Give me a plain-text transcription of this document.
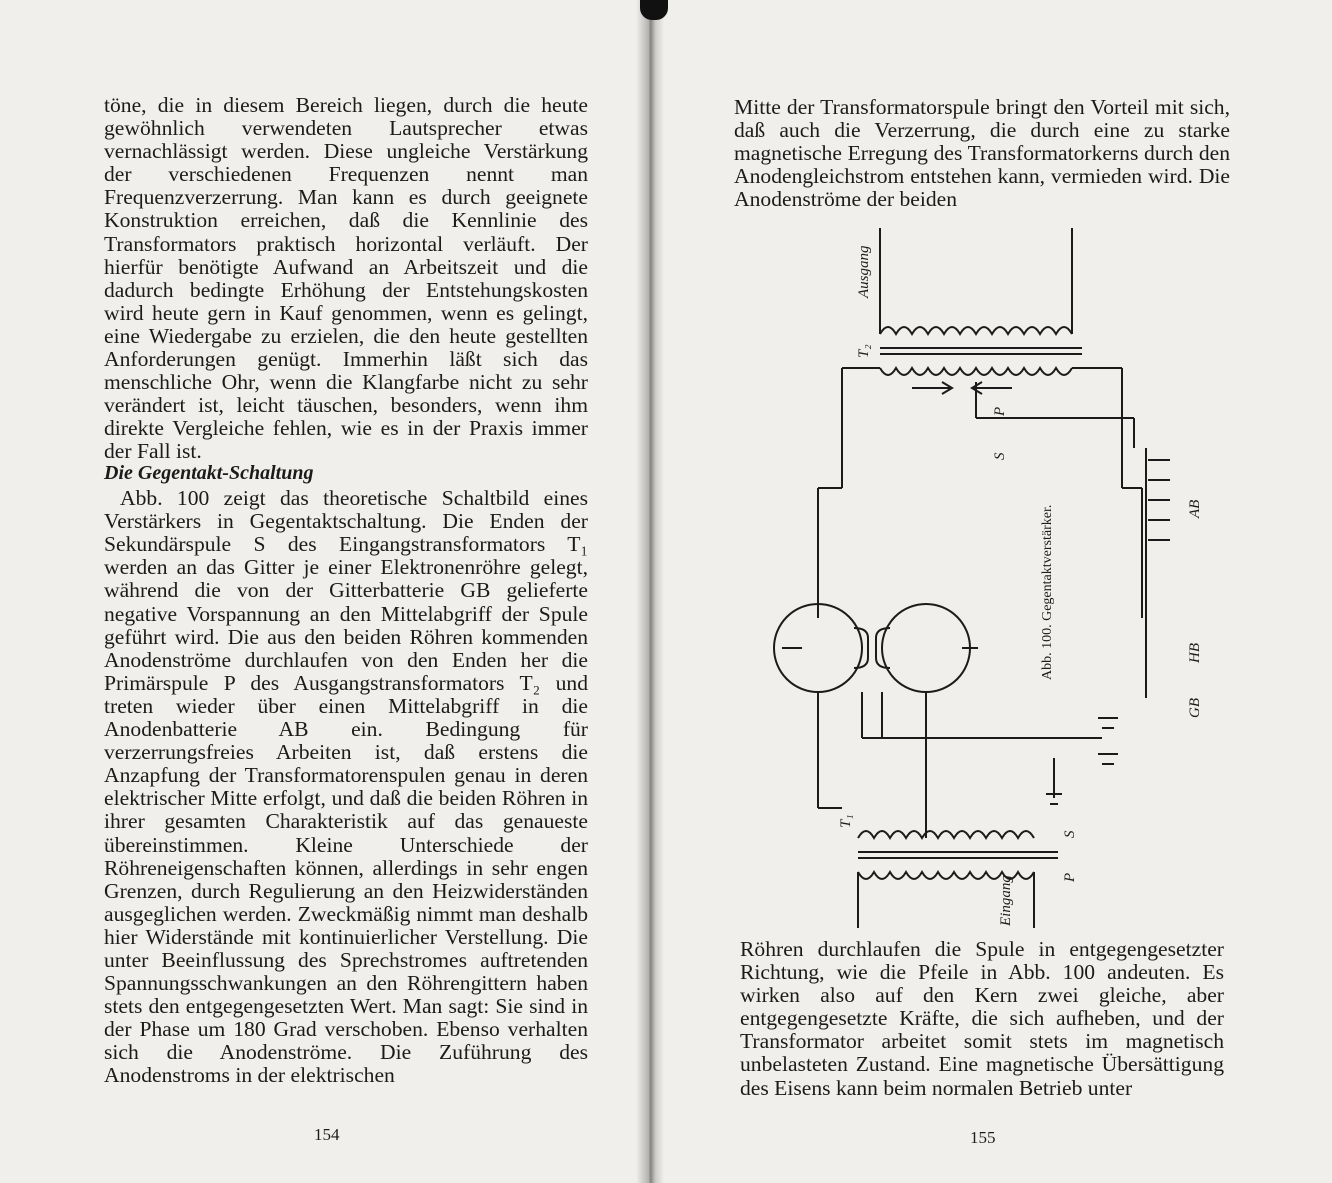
töne, die in diesem Bereich liegen, durch die heute gewöhnlich verwendeten Lautsprecher etwas vernachlässigt werden. Diese ungleiche Verstärkung der verschiedenen Frequenzen nennt man Frequenzverzerrung. Man kann es durch geeignete Konstruktion erreichen, daß die Kennlinie des Transformators praktisch horizontal verläuft. Der hierfür benötigte Aufwand an Arbeitszeit und die dadurch bedingte Erhöhung der Entstehungskosten wird heute gern in Kauf genommen, wenn es gelingt, eine Wiedergabe zu erzielen, die den heute gestellten Anforderungen genügt. Immerhin läßt sich das menschliche Ohr, wenn die Klangfarbe nicht zu sehr verändert ist, leicht täuschen, besonders, wenn ihm direkte Vergleiche fehlen, wie es in der Praxis immer der Fall ist.

Die Gegentakt-Schaltung

Abb. 100 zeigt das theoretische Schaltbild eines Verstärkers in Gegentaktschaltung. Die Enden der Sekundärspule S des Eingangstransformators T₁ werden an das Gitter je einer Elektronenröhre gelegt, während die von der Gitterbatterie GB gelieferte negative Vorspannung an den Mittelabgriff der Spule geführt wird. Die aus den beiden Röhren kommenden Anodenströme durchlaufen von den Enden her die Primärspule P des Ausgangstransformators T₂ und treten wieder über einen Mittelabgriff in die Anodenbatterie AB ein. Bedingung für verzerrungsfreies Arbeiten ist, daß erstens die Anzapfung der Transformatorenspulen genau in deren elektrischer Mitte erfolgt, und daß die beiden Röhren in ihrer gesamten Charakteristik auf das genaueste übereinstimmen. Kleine Unterschiede der Röhreneigenschaften können, allerdings in sehr engen Grenzen, durch Regulierung an den Heizwiderständen ausgeglichen werden. Zweckmäßig nimmt man deshalb hier Widerstände mit kontinuierlicher Verstellung. Die unter Beeinflussung des Sprechstromes auftretenden Spannungsschwankungen an den Röhrengittern haben stets den entgegengesetzten Wert. Man sagt: Sie sind in der Phase um 180 Grad verschoben. Ebenso verhalten sich die Anodenströme. Die Zuführung des Anodenstroms in der elektrischen

154

Mitte der Transformatorspule bringt den Vorteil mit sich, daß auch die Verzerrung, die durch eine zu starke magnetische Erregung des Transformatorkerns durch den Anodengleichstrom entstehen kann, vermieden wird. Die Anodenströme der beiden

Ausgang
T₂
P
S
AB
HB
GB
T₁
S
P
Eingang

Röhren durchlaufen die Spule in entgegengesetzter Richtung, wie die Pfeile in Abb. 100 andeuten. Es wirken also auf den Kern zwei gleiche, aber entgegengesetzte Kräfte, die sich aufheben, und der Transformator arbeitet somit stets im magnetisch unbelasteten Zustand. Eine magnetische Übersättigung des Eisens kann beim normalen Betrieb unter

155
Abb. 100. Gegentaktverstärker.
